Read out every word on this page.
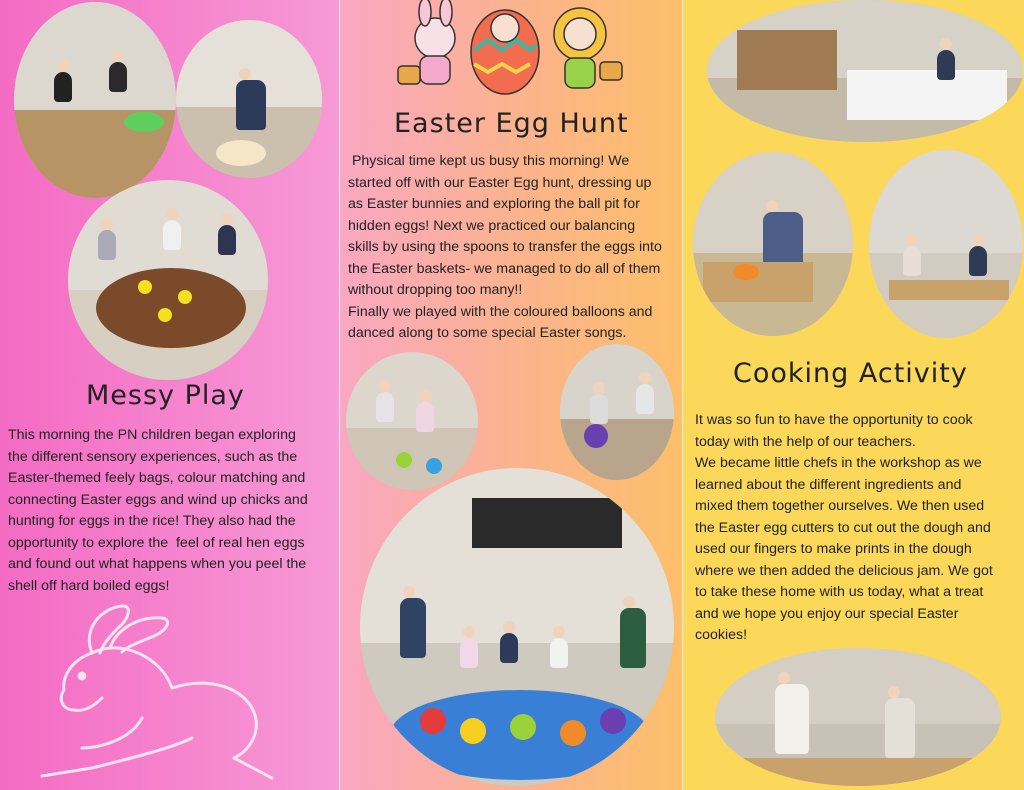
Messy Play

This morning the PN children began exploring
the different sensory experiences, such as the
Easter-themed feely bags, colour matching and
connecting Easter eggs and wind up chicks and
hunting for eggs in the rice! They also had the
opportunity to explore the  feel of real hen eggs
and found out what happens when you peel the
shell off hard boiled eggs!

Easter Egg Hunt

Physical time kept us busy this morning! We
started off with our Easter Egg hunt, dressing up
as Easter bunnies and exploring the ball pit for
hidden eggs! Next we practiced our balancing
skills by using the spoons to transfer the eggs into
the Easter baskets- we managed to do all of them
without dropping too many!!
Finally we played with the coloured balloons and
danced along to some special Easter songs.

Cooking Activity

It was so fun to have the opportunity to cook
today with the help of our teachers.
We became little chefs in the workshop as we
learned about the different ingredients and
mixed them together ourselves. We then used
the Easter egg cutters to cut out the dough and
used our fingers to make prints in the dough
where we then added the delicious jam. We got
to take these home with us today, what a treat
and we hope you enjoy our special Easter
cookies!
